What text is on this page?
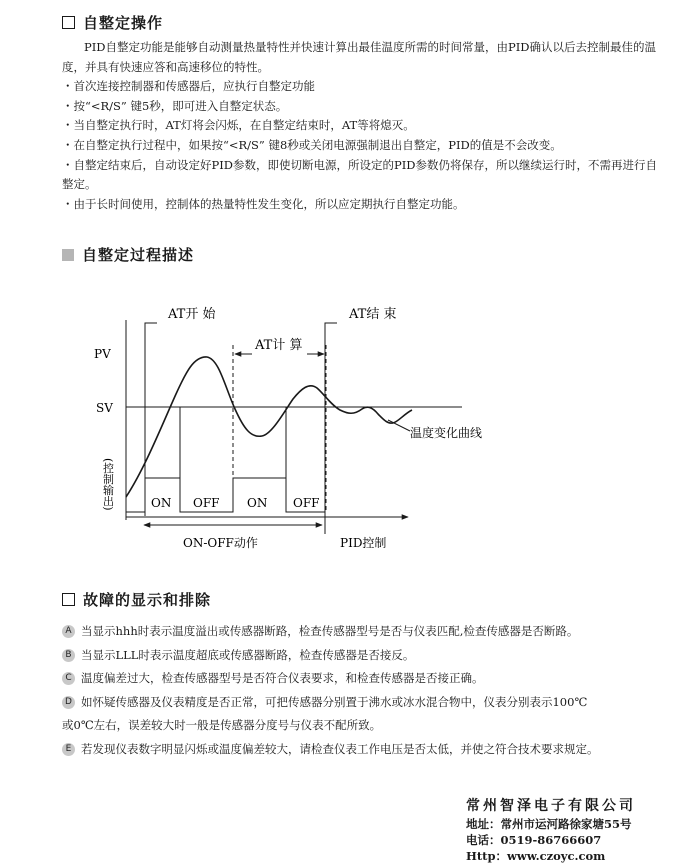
自整定操作

PID自整定功能是能够自动测量热量特性并快速计算出最佳温度所需的时间常量，由PID确认以后去控制最佳的温度，并具有快速应答和高速移位的特性。

・首次连接控制器和传感器后，应执行自整定功能

・按“<R/S” 键5秒，即可进入自整定状态。

・当自整定执行时，AT灯将会闪烁，在自整定结束时，AT等将熄灭。

・在自整定执行过程中，如果按“<R/S” 键8秒或关闭电源强制退出自整定，PID的值是不会改变。

・自整定结束后，自动设定好PID参数，即使切断电源，所设定的PID参数仍将保存，所以继续运行时，不需再进行自整定。

・由于长时间使用，控制体的热量特性发生变化，所以应定期执行自整定功能。

自整定过程描述
AT开 始	AT结 束
AT计 算
PV
SV
温度变化曲线
(控制输出)	ON OFF ON OFF
ON-OFF动作	PID控制
故障的显示和排除
A 当显示hhh时表示温度溢出或传感器断路，检查传感器型号是否与仪表匹配,检查传感器是否断路。
B 当显示LLL时表示温度超底或传感器断路，检查传感器是否接反。
C 温度偏差过大，检查传感器型号是否符合仪表要求，和检查传感器是否接正确。
D 如怀疑传感器及仪表精度是否正常，可把传感器分别置于沸水或冰水混合物中，仪表分别表示100℃
或0℃左右，误差较大时一般是传感器分度号与仪表不配所致。
E 若发现仪表数字明显闪烁或温度偏差较大，请检查仪表工作电压是否太低，并使之符合技术要求规定。
常州智泽电子有限公司
地址：常州市运河路徐家塘55号
电话：0519-86766607
Http：www.czoyc.com
